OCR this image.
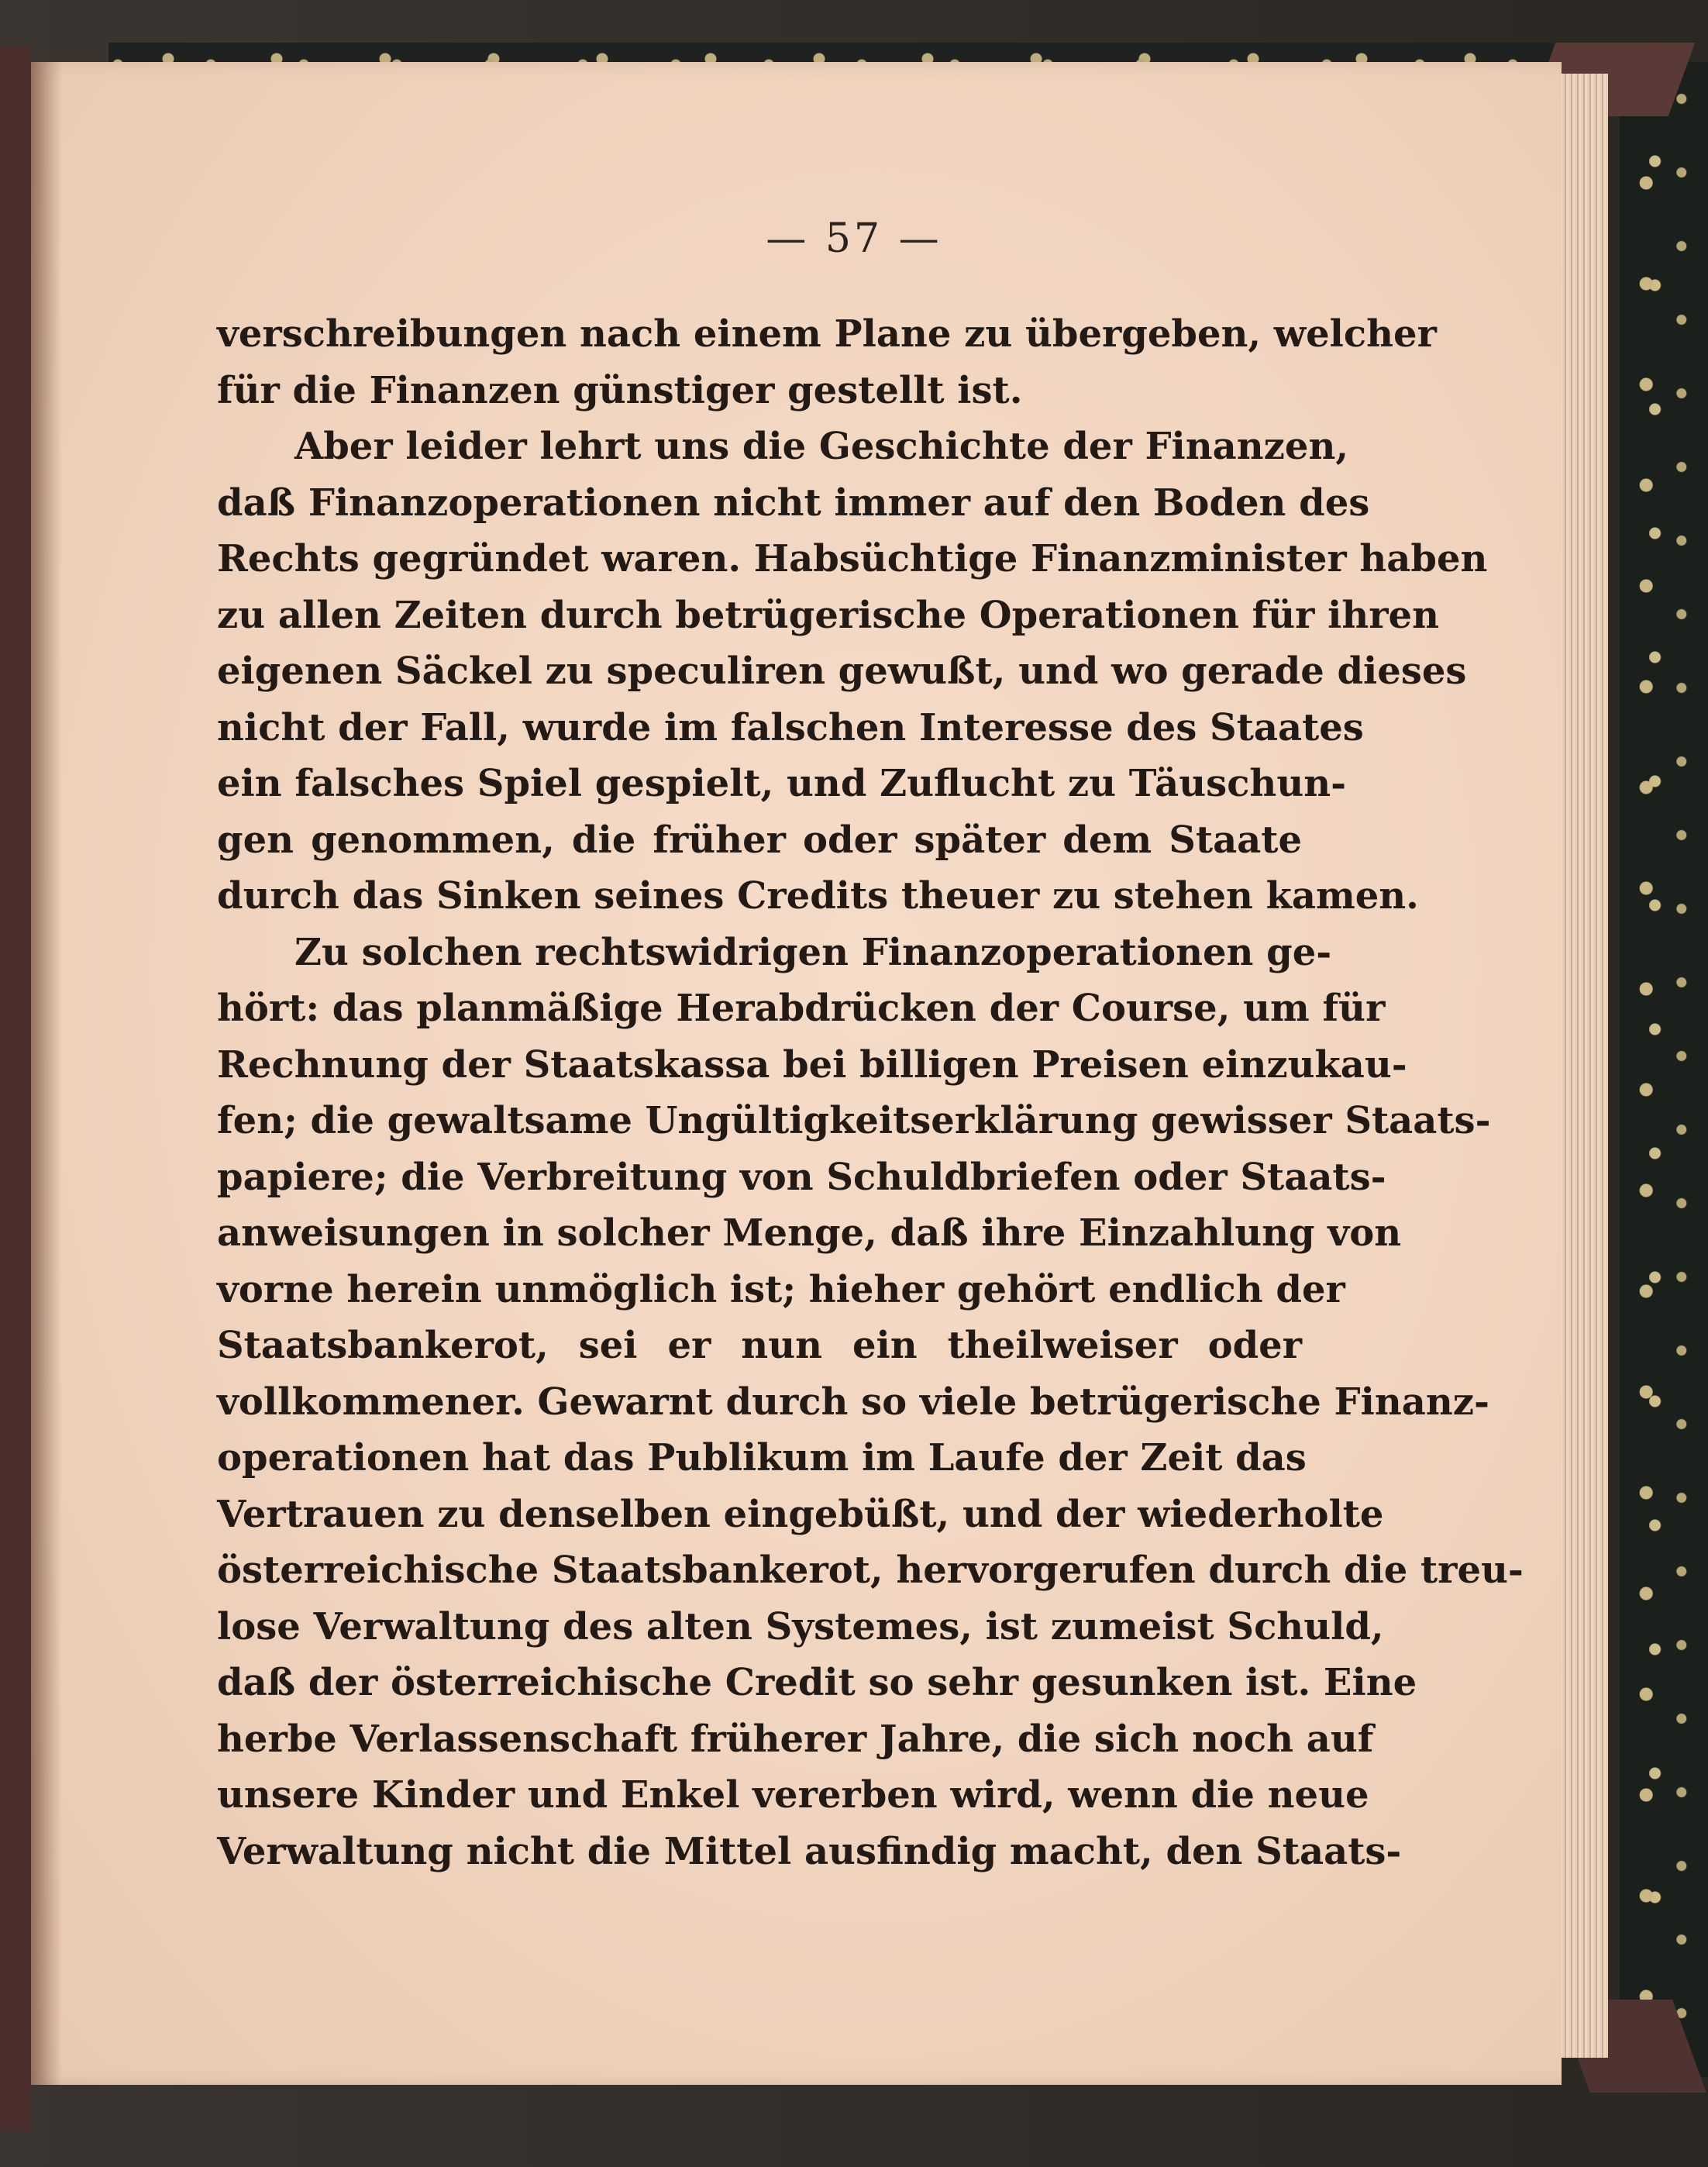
— 57 —
verschreibungen nach einem Plane zu übergeben, welcher
für die Finanzen günstiger gestellt ist.
Aber leider lehrt uns die Geschichte der Finanzen,
daß Finanzoperationen nicht immer auf den Boden des
Rechts gegründet waren. Habsüchtige Finanzminister haben
zu allen Zeiten durch betrügerische Operationen für ihren
eigenen Säckel zu speculiren gewußt, und wo gerade dieses
nicht der Fall, wurde im falschen Interesse des Staates
ein falsches Spiel gespielt, und Zuflucht zu Täuschun-
gen genommen, die früher oder später dem Staate
durch das Sinken seines Credits theuer zu stehen kamen.
Zu solchen rechtswidrigen Finanzoperationen ge-
hört: das planmäßige Herabdrücken der Course, um für
Rechnung der Staatskassa bei billigen Preisen einzukau-
fen; die gewaltsame Ungültigkeitserklärung gewisser Staats-
papiere; die Verbreitung von Schuldbriefen oder Staats-
anweisungen in solcher Menge, daß ihre Einzahlung von
vorne herein unmöglich ist; hieher gehört endlich der
Staatsbankerot, sei er nun ein theilweiser oder
vollkommener. Gewarnt durch so viele betrügerische Finanz-
operationen hat das Publikum im Laufe der Zeit das
Vertrauen zu denselben eingebüßt, und der wiederholte
österreichische Staatsbankerot, hervorgerufen durch die treu-
lose Verwaltung des alten Systemes, ist zumeist Schuld,
daß der österreichische Credit so sehr gesunken ist. Eine
herbe Verlassenschaft früherer Jahre, die sich noch auf
unsere Kinder und Enkel vererben wird, wenn die neue
Verwaltung nicht die Mittel ausfindig macht, den Staats-
